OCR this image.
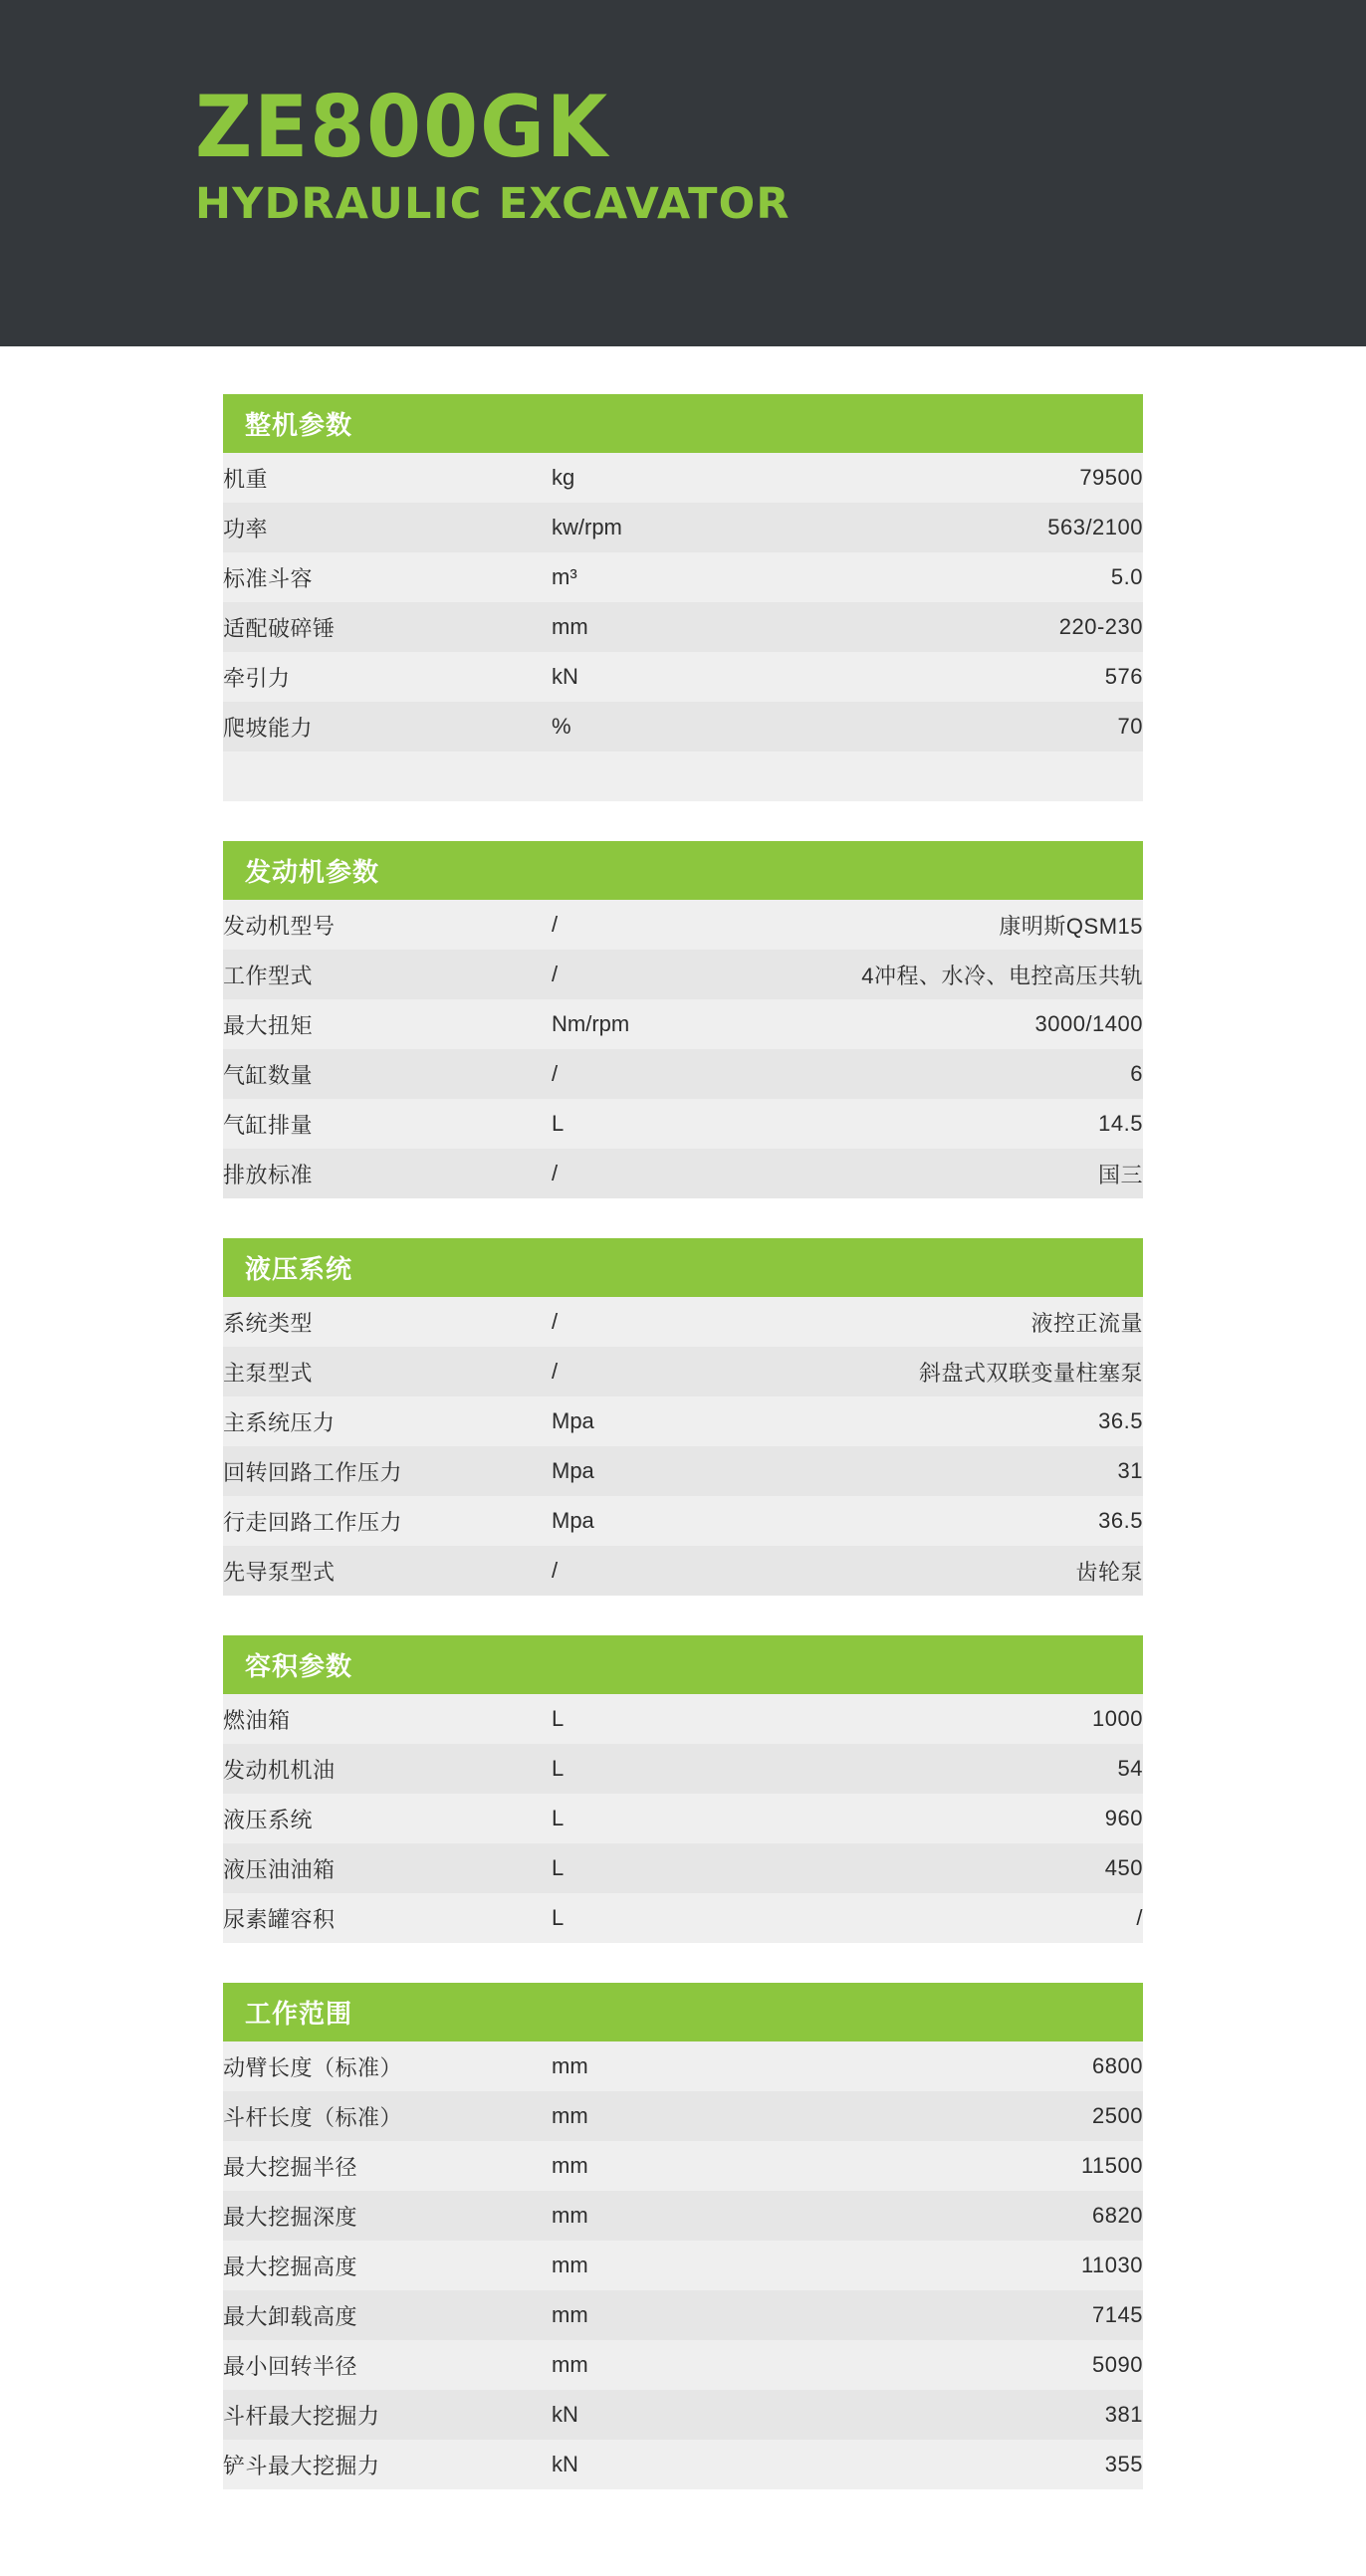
ZE800GK
HYDRAULIC EXCAVATOR
整机参数
机重	kg	79500
功率	kw/rpm	563/2100
标准斗容	m³	5.0
适配破碎锤	mm	220-230
牵引力	kN	576
爬坡能力	%	70

发动机参数
发动机型号	/	康明斯QSM15
工作型式	/	4冲程、水冷、电控高压共轨
最大扭矩	Nm/rpm	3000/1400
气缸数量	/	6
气缸排量	L	14.5
排放标准	/	国三
液压系统
系统类型	/	液控正流量
主泵型式	/	斜盘式双联变量柱塞泵
主系统压力	Mpa	36.5
回转回路工作压力	Mpa	31
行走回路工作压力	Mpa	36.5
先导泵型式	/	齿轮泵
容积参数
燃油箱	L	1000
发动机机油	L	54
液压系统	L	960
液压油油箱	L	450
尿素罐容积	L	/
工作范围
动臂长度（标准）	mm	6800
斗杆长度（标准）	mm	2500
最大挖掘半径	mm	11500
最大挖掘深度	mm	6820
最大挖掘高度	mm	11030
最大卸载高度	mm	7145
最小回转半径	mm	5090
斗杆最大挖掘力	kN	381
铲斗最大挖掘力	kN	355
